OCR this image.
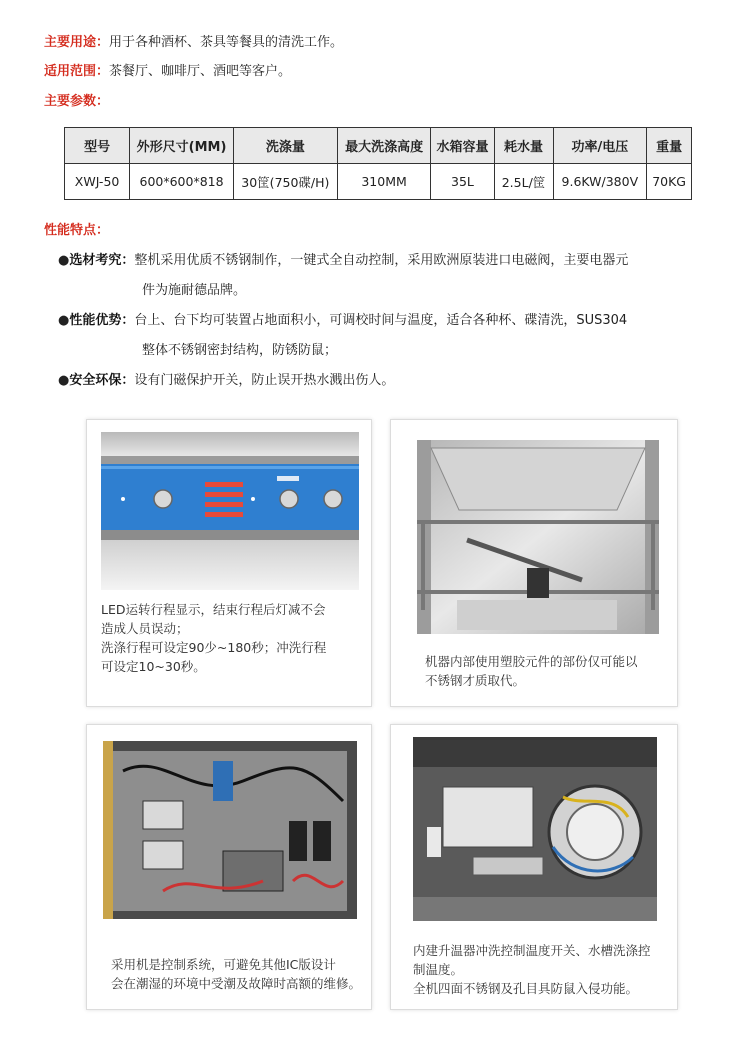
主要用途：用于各种酒杯、茶具等餐具的清洗工作。
适用范围：茶餐厅、咖啡厅、酒吧等客户。
主要参数：
型号	外形尺寸(MM)	洗涤量	最大洗涤高度	水箱容量	耗水量	功率/电压	重量
XWJ-50	600*600*818	30筐(750碟/H)	310MM	35L	2.5L/筐	9.6KW/380V	70KG
性能特点：
●选材考究：整机采用优质不锈钢制作，一键式全自动控制，采用欧洲原装进口电磁阀，主要电器元
件为施耐德品牌。
●性能优势：台上、台下均可装置占地面积小，可调校时间与温度，适合各种杯、碟清洗，SUS304
整体不锈钢密封结构，防锈防鼠；
●安全环保：设有门磁保护开关，防止误开热水溅出伤人。
LED运转行程显示，结束行程后灯减不会
造成人员误动；
洗涤行程可设定90少~180秒；冲洗行程
可设定10~30秒。	机器内部使用塑胶元件的部份仅可能以
不锈钢才质取代。
采用机是控制系统，可避免其他IC版设计
会在潮湿的环境中受潮及故障时高额的维修。
内建升温器冲洗控制温度开关、水槽洗涤控
制温度。
全机四面不锈钢及孔目具防鼠入侵功能。
